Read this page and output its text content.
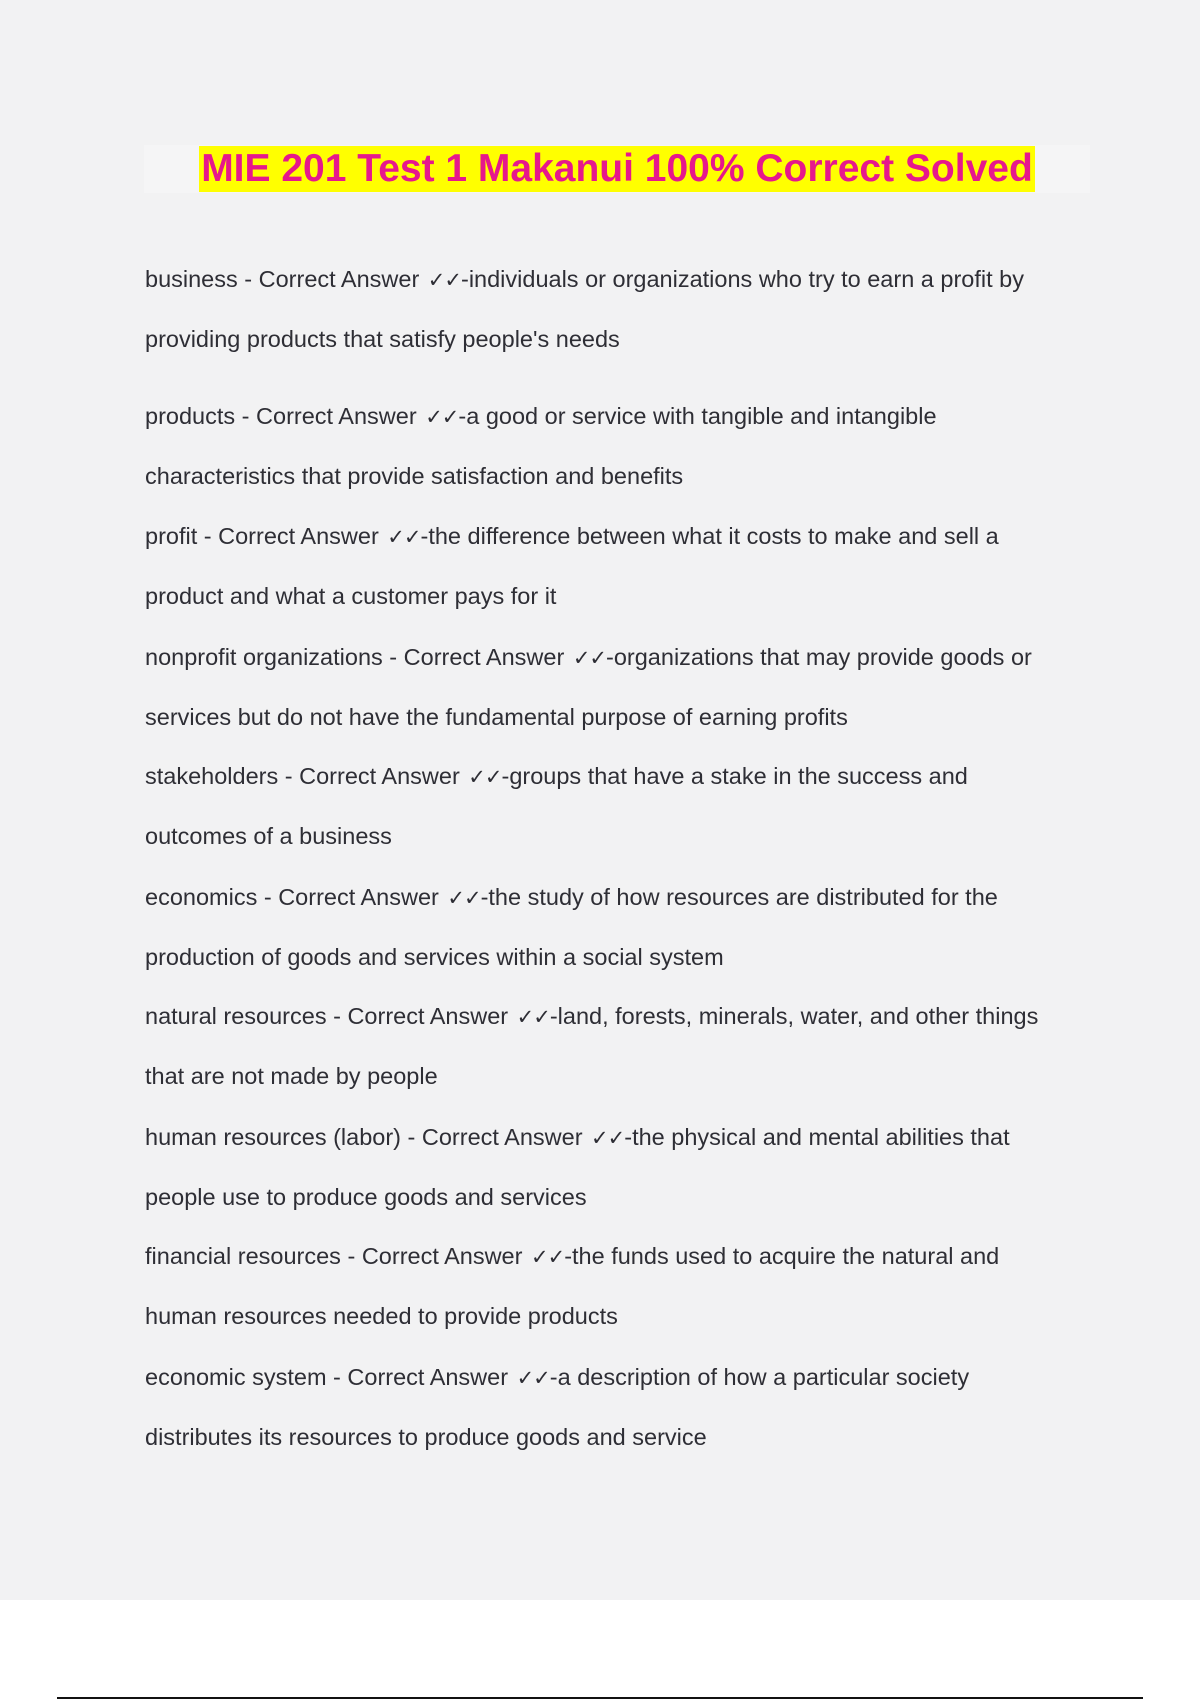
MIE 201 Test 1 Makanui 100% Correct Solved
business - Correct Answer ✓✓-individuals or organizations who try to earn a profit by
providing products that satisfy people's needs
products - Correct Answer ✓✓-a good or service with tangible and intangible
characteristics that provide satisfaction and benefits
profit - Correct Answer ✓✓-the difference between what it costs to make and sell a
product and what a customer pays for it
nonprofit organizations - Correct Answer ✓✓-organizations that may provide goods or
services but do not have the fundamental purpose of earning profits
stakeholders - Correct Answer ✓✓-groups that have a stake in the success and
outcomes of a business
economics - Correct Answer ✓✓-the study of how resources are distributed for the
production of goods and services within a social system
natural resources - Correct Answer ✓✓-land, forests, minerals, water, and other things
that are not made by people
human resources (labor) - Correct Answer ✓✓-the physical and mental abilities that
people use to produce goods and services
financial resources - Correct Answer ✓✓-the funds used to acquire the natural and
human resources needed to provide products
economic system - Correct Answer ✓✓-a description of how a particular society
distributes its resources to produce goods and service
